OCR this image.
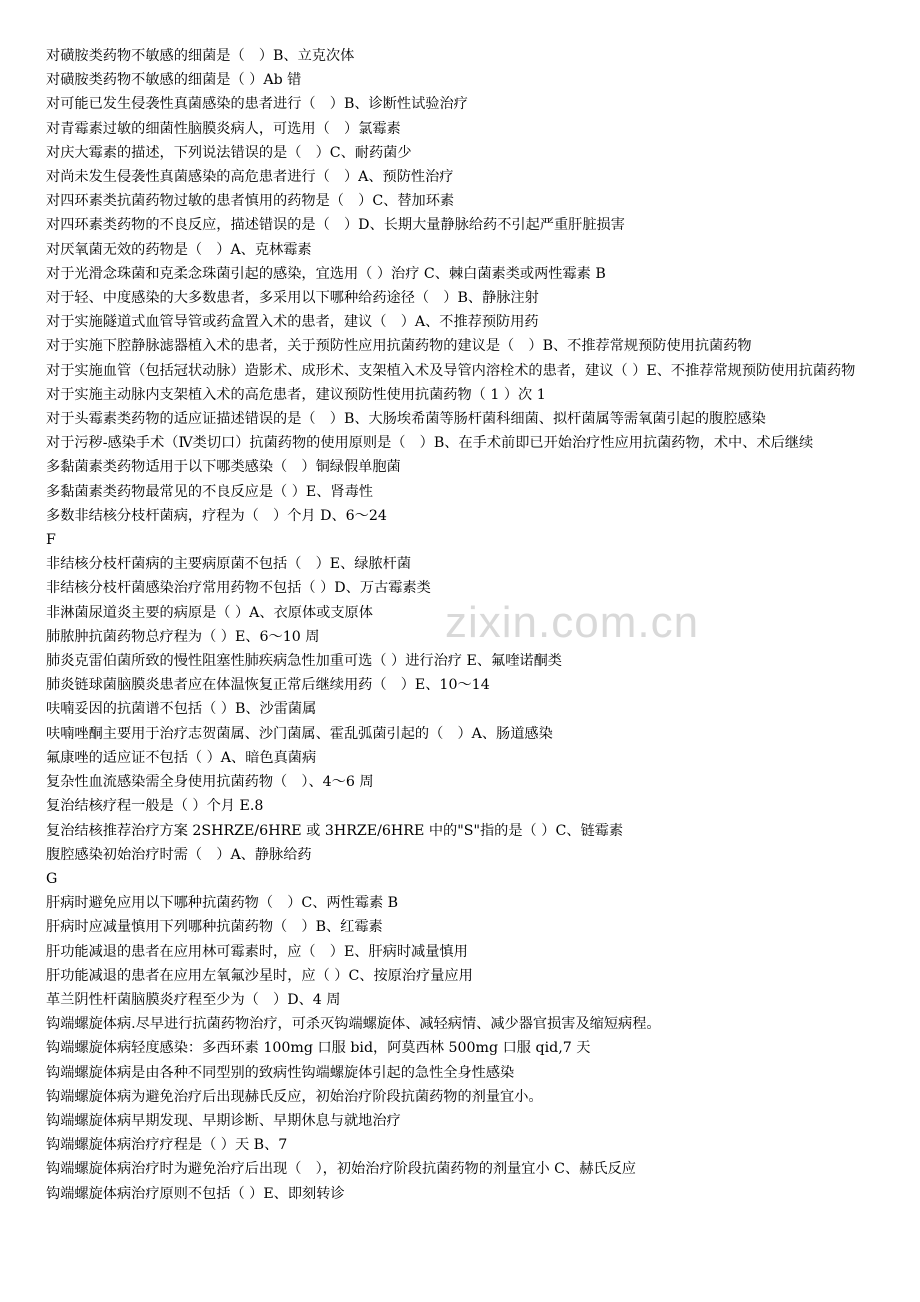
zixin.com.cn
对磺胺类药物不敏感的细菌是（　）B、立克次体
对磺胺类药物不敏感的细菌是（ ）Ab 错
对可能已发生侵袭性真菌感染的患者进行（　）B、诊断性试验治疗
对青霉素过敏的细菌性脑膜炎病人，可选用（　）氯霉素
对庆大霉素的描述，下列说法错误的是（　）C、耐药菌少
对尚未发生侵袭性真菌感染的高危患者进行（　）A、预防性治疗
对四环素类抗菌药物过敏的患者慎用的药物是（　）C、替加环素
对四环素类药物的不良反应，描述错误的是（　）D、长期大量静脉给药不引起严重肝脏损害
对厌氧菌无效的药物是（　）A、克林霉素
对于光滑念珠菌和克柔念珠菌引起的感染，宜选用（ ）治疗 C、棘白菌素类或两性霉素 B
对于轻、中度感染的大多数患者，多采用以下哪种给药途径（　）B、静脉注射
对于实施隧道式血管导管或药盒置入术的患者，建议（　）A、不推荐预防用药
对于实施下腔静脉滤器植入术的患者，关于预防性应用抗菌药物的建议是（　）B、不推荐常规预防使用抗菌药物
对于实施血管（包括冠状动脉）造影术、成形术、支架植入术及导管内溶栓术的患者，建议（ ）E、不推荐常规预防使用抗菌药物
对于实施主动脉内支架植入术的高危患者，建议预防性使用抗菌药物（ 1 ）次 1
对于头霉素类药物的适应证描述错误的是（　）B、大肠埃希菌等肠杆菌科细菌、拟杆菌属等需氧菌引起的腹腔感染
对于污秽-感染手术（Ⅳ类切口）抗菌药物的使用原则是（　）B、在手术前即已开始治疗性应用抗菌药物，术中、术后继续
多黏菌素类药物适用于以下哪类感染（　）铜绿假单胞菌
多黏菌素类药物最常见的不良反应是（ ）E、肾毒性
多数非结核分枝杆菌病，疗程为（　）个月 D、6～24
F
非结核分枝杆菌病的主要病原菌不包括（　）E、绿脓杆菌
非结核分枝杆菌感染治疗常用药物不包括（ ）D、万古霉素类
非淋菌尿道炎主要的病原是（ ）A、衣原体或支原体
肺脓肿抗菌药物总疗程为（ ）E、6～10 周
肺炎克雷伯菌所致的慢性阻塞性肺疾病急性加重可选（ ）进行治疗 E、氟喹诺酮类
肺炎链球菌脑膜炎患者应在体温恢复正常后继续用药（　）E、10～14
呋喃妥因的抗菌谱不包括（ ）B、沙雷菌属
呋喃唑酮主要用于治疗志贺菌属、沙门菌属、霍乱弧菌引起的（　）A、肠道感染
氟康唑的适应证不包括（ ）A、暗色真菌病
复杂性血流感染需全身使用抗菌药物（　）、4～6 周
复治结核疗程一般是（ ）个月 E.8
复治结核推荐治疗方案 2SHRZE/6HRE 或 3HRZE/6HRE 中的"S"指的是（ ）C、链霉素
腹腔感染初始治疗时需（　）A、静脉给药
G
肝病时避免应用以下哪种抗菌药物（　）C、两性霉素 B
肝病时应减量慎用下列哪种抗菌药物（　）B、红霉素
肝功能减退的患者在应用林可霉素时，应（　）E、肝病时减量慎用
肝功能减退的患者在应用左氧氟沙星时，应（ ）C、按原治疗量应用
革兰阴性杆菌脑膜炎疗程至少为（　）D、4 周
钩端螺旋体病.尽早进行抗菌药物治疗，可杀灭钩端螺旋体、减轻病情、减少器官损害及缩短病程。
钩端螺旋体病轻度感染：多西环素 100mg 口服 bid，阿莫西林 500mg 口服 qid,7 天
钩端螺旋体病是由各种不同型别的致病性钩端螺旋体引起的急性全身性感染
钩端螺旋体病为避免治疗后出现赫氏反应，初始治疗阶段抗菌药物的剂量宜小。
钩端螺旋体病早期发现、早期诊断、早期休息与就地治疗
钩端螺旋体病治疗疗程是（ ）天 B、7
钩端螺旋体病治疗时为避免治疗后出现（　），初始治疗阶段抗菌药物的剂量宜小 C、赫氏反应
钩端螺旋体病治疗原则不包括（ ）E、即刻转诊
